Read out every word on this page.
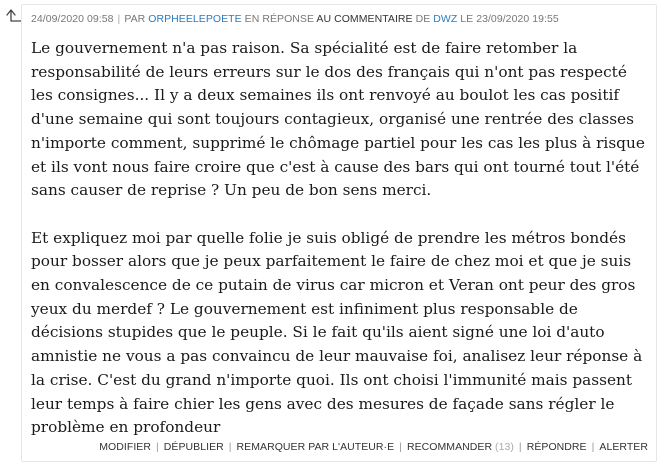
24/09/2020 09:58 | PAR ORPHEELEPOETE EN RÉPONSE AU COMMENTAIRE DE DWZ LE 23/09/2020 19:55

Le gouvernement n'a pas raison. Sa spécialité est de faire retomber la responsabilité de leurs erreurs sur le dos des français qui n'ont pas respecté les consignes... Il y a deux semaines ils ont renvoyé au boulot les cas positif d'une semaine qui sont toujours contagieux, organisé une rentrée des classes n'importe comment, supprimé le chômage partiel pour les cas les plus à risque et ils vont nous faire croire que c'est à cause des bars qui ont tourné tout l'été sans causer de reprise ? Un peu de bon sens merci.

Et expliquez moi par quelle folie je suis obligé de prendre les métros bondés pour bosser alors que je peux parfaitement le faire de chez moi et que je suis en convalescence de ce putain de virus car micron et Veran ont peur des gros yeux du merdef ? Le gouvernement est infiniment plus responsable de décisions stupides que le peuple. Si le fait qu'ils aient signé une loi d'auto amnistie ne vous a pas convaincu de leur mauvaise foi, analisez leur réponse à la crise. C'est du grand n'importe quoi. Ils ont choisi l'immunité mais passent leur temps à faire chier les gens avec des mesures de façade sans régler le problème en profondeur

MODIFIER | DÉPUBLIER | REMARQUER PAR L'AUTEUR·E | RECOMMANDER (13) | RÉPONDRE | ALERTER
